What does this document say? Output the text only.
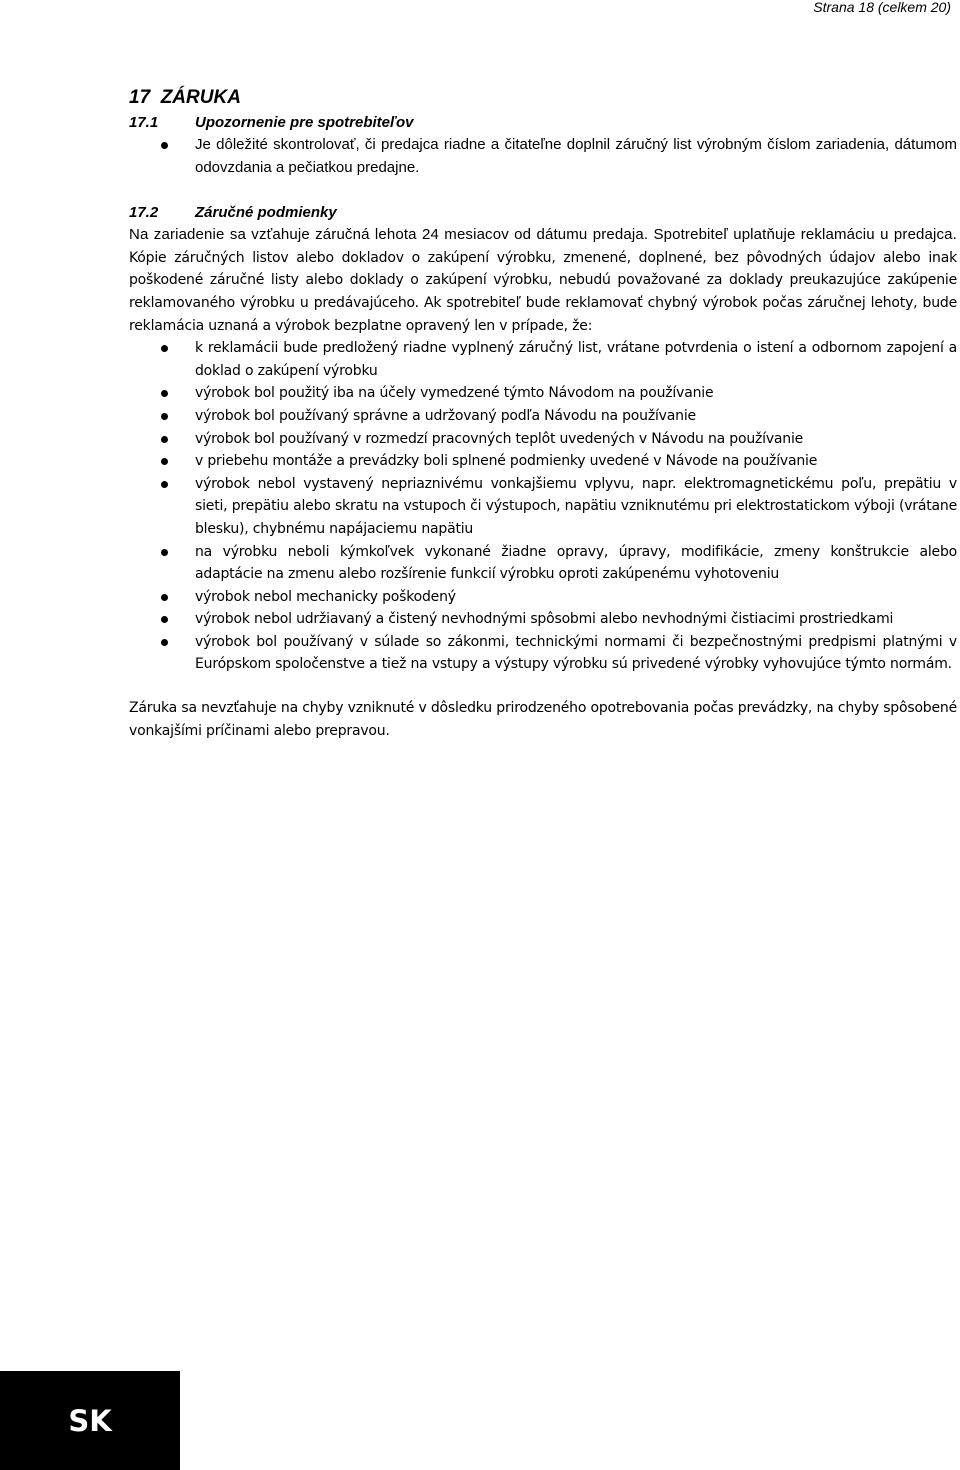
Strana 18 (celkem 20)
17 ZÁRUKA
17.1 Upozornenie pre spotrebiteľov
Je dôležité skontrolovať, či predajca riadne a čitateľne doplnil záručný list výrobným číslom zariadenia, dátumom odovzdania a pečiatkou predajne.
17.2 Záručné podmienky

Na zariadenie sa vzťahuje záručná lehota 24 mesiacov od dátumu predaja. Spotrebiteľ uplatňuje reklamáciu u predajca. Kópie záručných listov alebo dokladov o zakúpení výrobku, zmenené, doplnené, bez pôvodných údajov alebo inak poškodené záručné listy alebo doklady o zakúpení výrobku, nebudú považované za doklady preukazujúce zakúpenie reklamovaného výrobku u predávajúceho. Ak spotrebiteľ bude reklamovať chybný výrobok počas záručnej lehoty, bude reklamácia uznaná a výrobok bezplatne opravený len v prípade, že:

k reklamácii bude predložený riadne vyplnený záručný list, vrátane potvrdenia o istení a odbornom zapojení a doklad o zakúpení výrobku
výrobok bol použitý iba na účely vymedzené týmto Návodom na používanie
výrobok bol používaný správne a udržovaný podľa Návodu na používanie
výrobok bol používaný v rozmedzí pracovných teplôt uvedených v Návodu na používanie
v priebehu montáže a prevádzky boli splnené podmienky uvedené v Návode na používanie
výrobok nebol vystavený nepriaznivému vonkajšiemu vplyvu, napr. elektromagnetickému poľu, prepätiu v sieti, prepätiu alebo skratu na vstupoch či výstupoch, napätiu vzniknutému pri elektrostatickom výboji (vrátane blesku), chybnému napájaciemu napätiu
na výrobku neboli kýmkoľvek vykonané žiadne opravy, úpravy, modifikácie, zmeny konštrukcie alebo adaptácie na zmenu alebo rozšírenie funkcií výrobku oproti zakúpenému vyhotoveniu
výrobok nebol mechanicky poškodený
výrobok nebol udržiavaný a čistený nevhodnými spôsobmi alebo nevhodnými čistiacimi prostriedkami
výrobok bol používaný v súlade so zákonmi, technickými normami či bezpečnostnými predpismi platnými v Európskom spoločenstve a tiež na vstupy a výstupy výrobku sú privedené výrobky vyhovujúce týmto normám.

Záruka sa nevzťahuje na chyby vzniknuté v dôsledku prirodzeného opotrebovania počas prevádzky, na chyby spôsobené vonkajšími príčinami alebo prepravou.

SK
